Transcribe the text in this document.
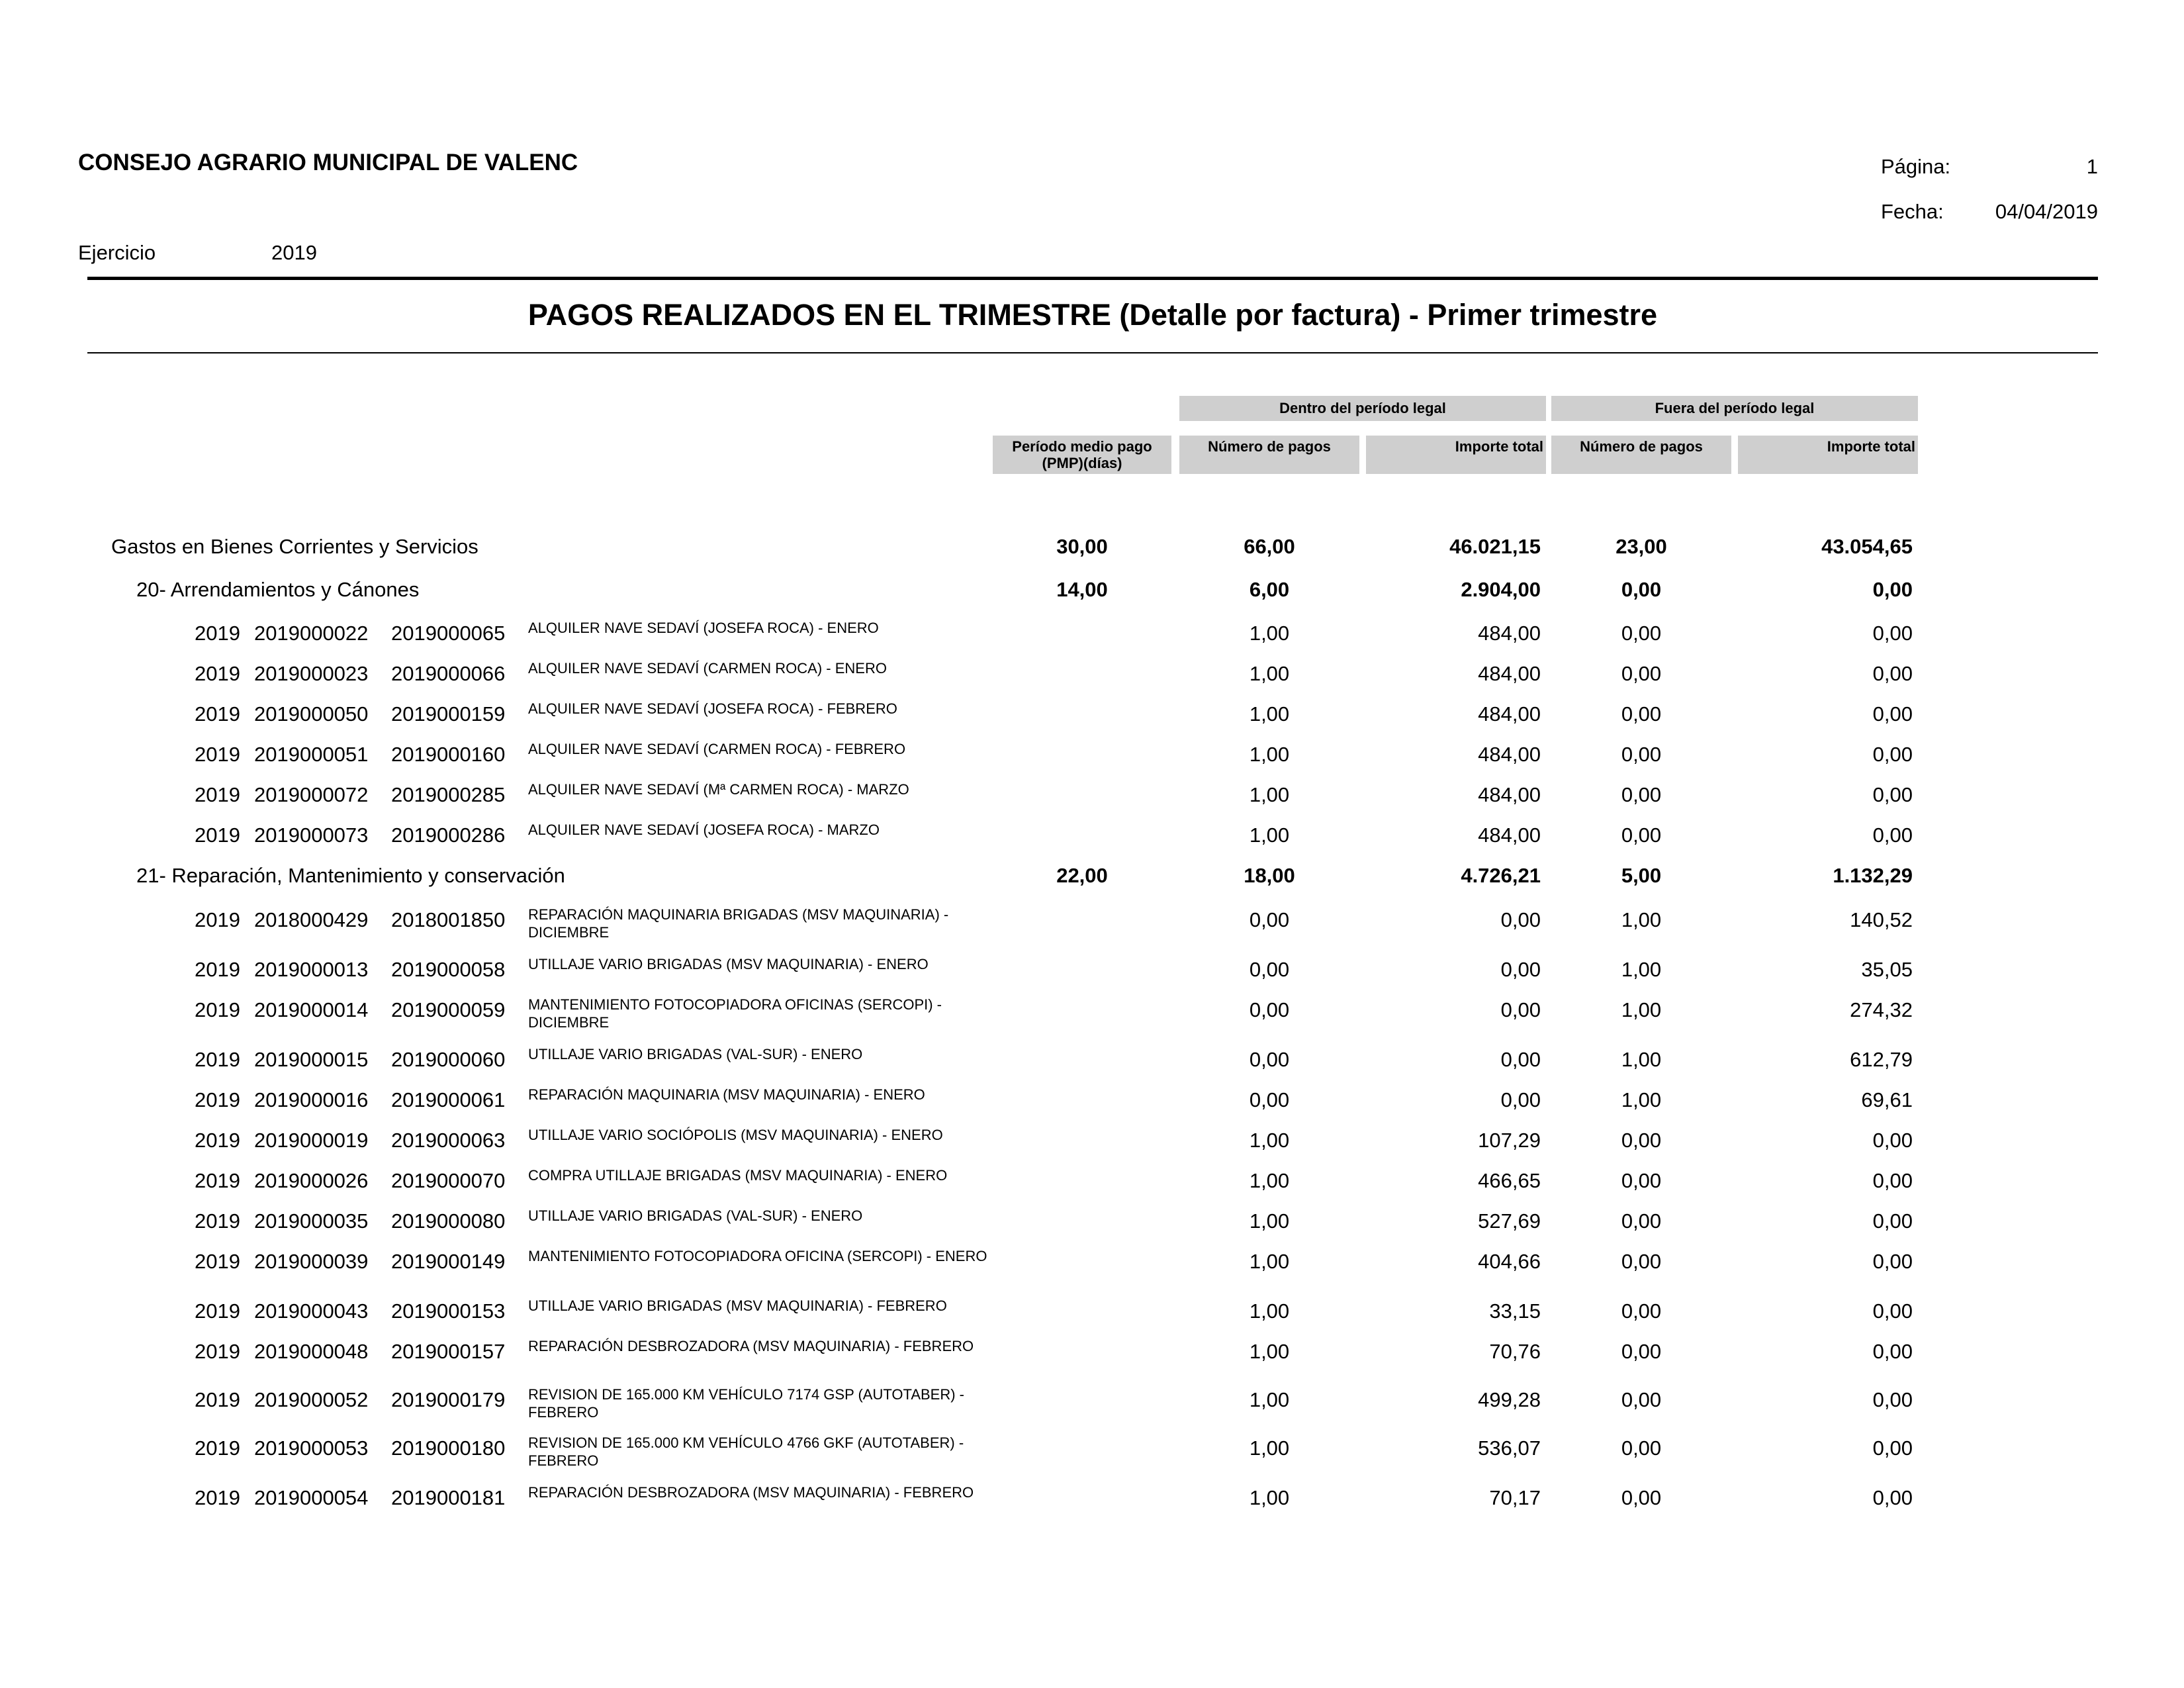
CONSEJO AGRARIO MUNICIPAL DE VALENC	Página:	1
Fecha:	04/04/2019
Ejercicio	2019
PAGOS REALIZADOS EN EL TRIMESTRE (Detalle por factura) - Primer trimestre
Dentro del período legal	Fuera del período legal
Período medio pago (PMP)(días)
Número de pagos	Importe total	Número de pagos	Importe total
Gastos en Bienes Corrientes y Servicios	30,00	66,00	46.021,15	23,00	43.054,65
20- Arrendamientos y Cánones	14,00	6,00	2.904,00	0,00	0,00
2019 2019000022 2019000065 ALQUILER NAVE SEDAVÍ (JOSEFA ROCA) - ENERO	1,00	484,00	0,00	0,00
2019 2019000023 2019000066 ALQUILER NAVE SEDAVÍ (CARMEN ROCA) - ENERO	1,00	484,00	0,00	0,00
2019 2019000050 2019000159 ALQUILER NAVE SEDAVÍ (JOSEFA ROCA) - FEBRERO	1,00	484,00	0,00	0,00
2019 2019000051 2019000160 ALQUILER NAVE SEDAVÍ (CARMEN ROCA) - FEBRERO	1,00	484,00	0,00	0,00
2019 2019000072 2019000285 ALQUILER NAVE SEDAVÍ (Mª CARMEN ROCA) - MARZO	1,00	484,00	0,00	0,00
2019 2019000073 2019000286 ALQUILER NAVE SEDAVÍ (JOSEFA ROCA) - MARZO	1,00	484,00	0,00	0,00
21- Reparación, Mantenimiento y conservación	22,00	18,00	4.726,21	5,00	1.132,29
2019 2018000429 2018001850 REPARACIÓN MAQUINARIA BRIGADAS (MSV MAQUINARIA) - DICIEMBRE
0,00	0,00	1,00	140,52
2019 2019000013 2019000058 UTILLAJE VARIO BRIGADAS (MSV MAQUINARIA) - ENERO	0,00	0,00	1,00	35,05
2019 2019000014 2019000059 MANTENIMIENTO FOTOCOPIADORA OFICINAS (SERCOPI) - DICIEMBRE
0,00	0,00	1,00	274,32
2019 2019000015 2019000060 UTILLAJE VARIO BRIGADAS (VAL-SUR) - ENERO	0,00	0,00	1,00	612,79
2019 2019000016 2019000061 REPARACIÓN MAQUINARIA (MSV MAQUINARIA) - ENERO	0,00	0,00	1,00	69,61
2019 2019000019 2019000063 UTILLAJE VARIO SOCIÓPOLIS (MSV MAQUINARIA) - ENERO	1,00	107,29	0,00	0,00
2019 2019000026 2019000070 COMPRA UTILLAJE BRIGADAS (MSV MAQUINARIA) - ENERO	1,00	466,65	0,00	0,00
2019 2019000035 2019000080 UTILLAJE VARIO BRIGADAS (VAL-SUR) - ENERO	1,00	527,69	0,00	0,00
2019 2019000039 2019000149 MANTENIMIENTO FOTOCOPIADORA OFICINA (SERCOPI) - ENERO	1,00	404,66	0,00	0,00
2019 2019000043 2019000153 UTILLAJE VARIO BRIGADAS (MSV MAQUINARIA) - FEBRERO	1,00	33,15	0,00	0,00
2019 2019000048 2019000157 REPARACIÓN DESBROZADORA (MSV MAQUINARIA) - FEBRERO	1,00	70,76	0,00	0,00
2019 2019000052 2019000179 REVISION DE 165.000 KM VEHÍCULO 7174 GSP (AUTOTABER) - FEBRERO
1,00	499,28	0,00	0,00
2019 2019000053 2019000180 REVISION DE 165.000 KM VEHÍCULO 4766 GKF (AUTOTABER) - FEBRERO
1,00	536,07	0,00	0,00
2019 2019000054 2019000181 REPARACIÓN DESBROZADORA (MSV MAQUINARIA) - FEBRERO	1,00	70,17	0,00	0,00
